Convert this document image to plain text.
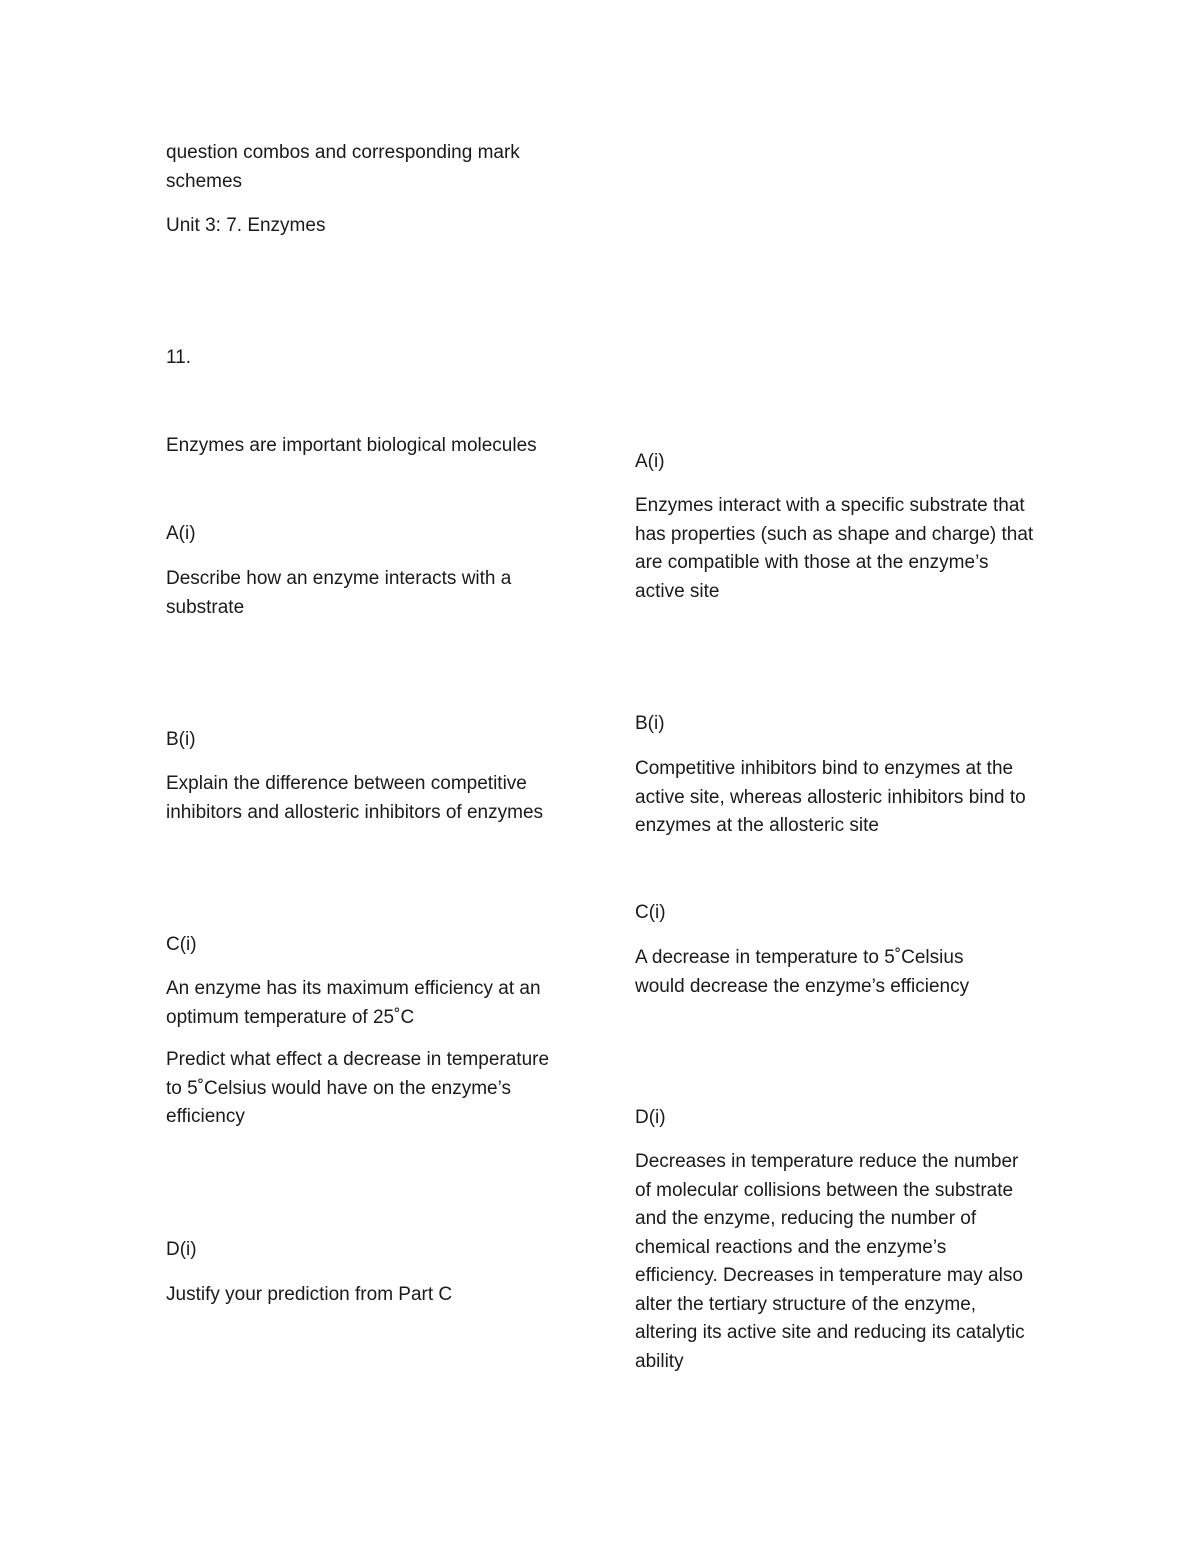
question combos and corresponding mark schemes

Unit 3: 7. Enzymes

11.

Enzymes are important biological molecules

A(i)

Describe how an enzyme interacts with a substrate

B(i)

Explain the difference between competitive inhibitors and allosteric inhibitors of enzymes

C(i)

An enzyme has its maximum efficiency at an optimum temperature of 25˚C

Predict what effect a decrease in temperature to 5˚Celsius would have on the enzyme’s efficiency

D(i)

Justify your prediction from Part C

A(i)

Enzymes interact with a specific substrate that has properties (such as shape and charge) that are compatible with those at the enzyme’s active site

B(i)

Competitive inhibitors bind to enzymes at the active site, whereas allosteric inhibitors bind to enzymes at the allosteric site

C(i)

A decrease in temperature to 5˚Celsius would decrease the enzyme’s efficiency

D(i)

Decreases in temperature reduce the number of molecular collisions between the substrate and the enzyme, reducing the number of chemical reactions and the enzyme’s efficiency. Decreases in temperature may also alter the tertiary structure of the enzyme, altering its active site and reducing its catalytic ability
